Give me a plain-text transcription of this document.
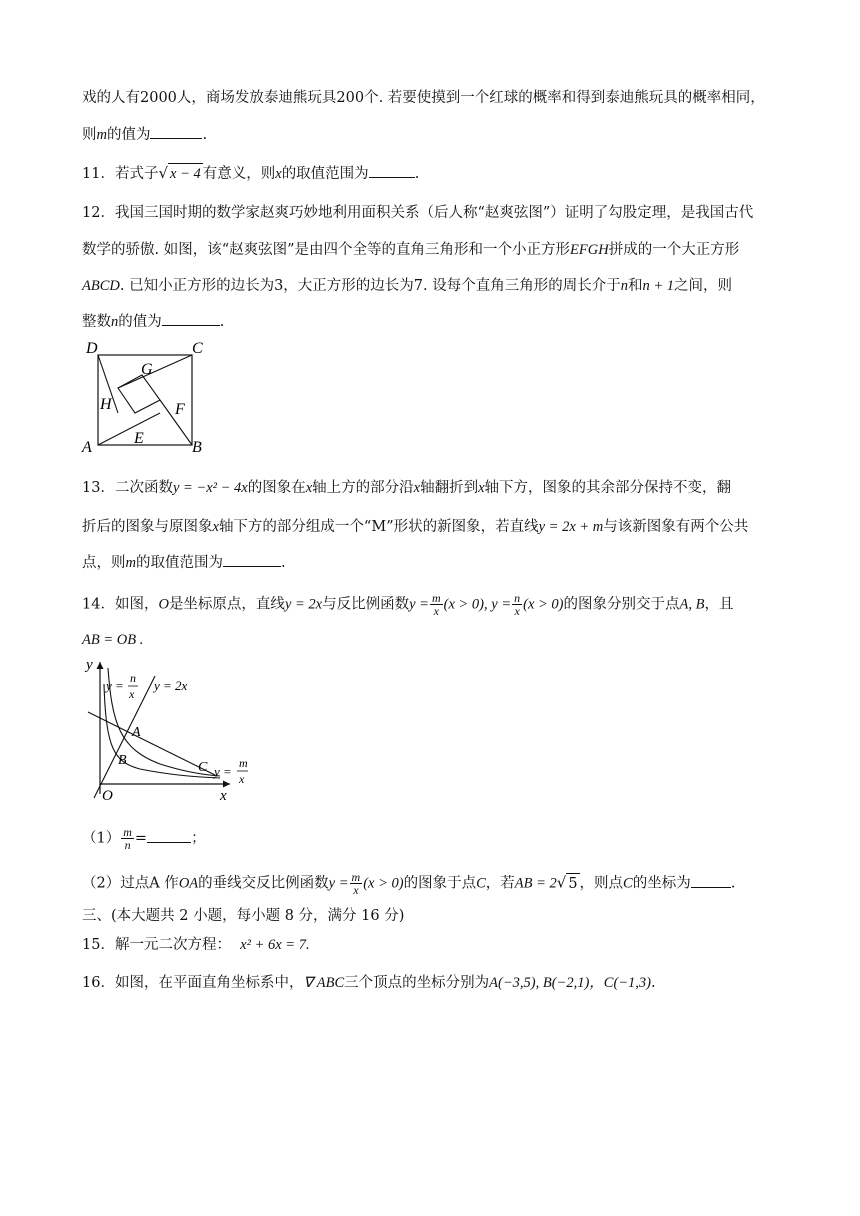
戏的人有2000人，商场发放泰迪熊玩具200个. 若要使摸到一个红球的概率和得到泰迪熊玩具的概率相同，
则m的值为	.
11．若式子√ x − 4 有意义，则x的取值范围为	.
12．我国三国时期的数学家赵爽巧妙地利用面积关系（后人称“赵爽弦图”）证明了勾股定理，是我国古代
数学的骄傲. 如图，该“赵爽弦图”是由四个全等的直角三角形和一个小正方形EFGH拼成的一个大正方形
ABCD. 已知小正方形的边长为3，大正方形的边长为7. 设每个直角三角形的周长介于n和n + 1之间，则
整数n的值为	.
D	C
A	B
G
H	F
E
13．二次函数y = −x² − 4x的图象在x轴上方的部分沿x轴翻折到x轴下方，图象的其余部分保持不变，翻
折后的图象与原图象x轴下方的部分组成一个“M”形状的新图象，若直线y = 2x + m与该新图象有两个公共
点，则m的取值范围为	.
14．如图，O是坐标原点，直线y = 2x与反比例函数$y = \frac{m}{x} (x > 0)$, $y = \frac{n}{x} (x > 0)$的图象分别交于点A, B，且
AB = OB .
y
x
O
A
B	C
y = n
x
y = 2x
y =
m
x
$(1) \frac{m}{n}$ =	；
（2）过点A 作OA的垂线交反比例函数$y = \frac{m}{x} (x > 0)$的图象于点C，若AB = 2√ 5 ，则点C的坐标为	.
三、(本大题共 2 小题，每小题 8 分，满分 16 分)
15．解一元二次方程： x² + 6x = 7.
16．如图，在平面直角坐标系中，∇ ABC三个顶点的坐标分别为A(−3,5), B(−2,1)，C(−1,3).
